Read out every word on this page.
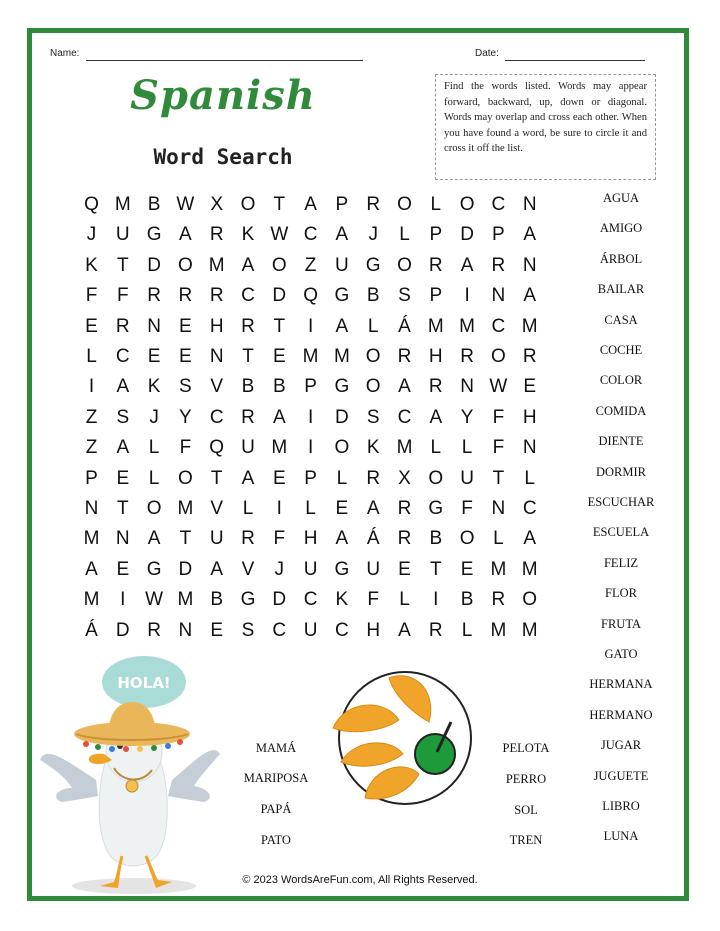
Name:	Date:
Spanish
Word Search
Find the words listed. Words may appear forward, backward, up, down or diagonal. Words may overlap and cross each other. When you have found a word, be sure to circle it and cross it off the list.
Q M B W X O T	A P R O L O C N
J	U G A R K W C A	J	L	P D P A
K	T D O M A O Z U G O R A R N
F	F R R R C D Q G B S P	I	N A
E R N E H R T	I	A	L	Á M M C M
L	C E E N T	E M M O R H R O R
I	A K S V B B P G O A R N W E
Z	S	J	Y C R A	I	D S C A Y	F H
Z	A	L	F Q U M	I	O K M L	L	F N
P E	L O T	A E P	L	R X O U T	L
N T O M V	L	I	L	E A R G F N C
M N A	T U R F H A Á R B O L	A
A E G D A V	J	U G U E	T	E M M
M	I	W M B G D C K	F	L	I	B R O
Á D R N E S C U C H A R	L M M
AGUA
AMIGO
ÁRBOL
BAILAR
CASA
COCHE
COLOR
COMIDA
DIENTE
DORMIR
ESCUCHAR
ESCUELA
FELIZ
FLOR
FRUTA
GATO
HERMANA
HERMANO
JUGAR
JUGUETE
LIBRO
LUNA
MAMÁ
MARIPOSA
PAPÁ
PATO
PELOTA
PERRO
SOL
TREN
HOLA!
© 2023 WordsAreFun.com, All Rights Reserved.
